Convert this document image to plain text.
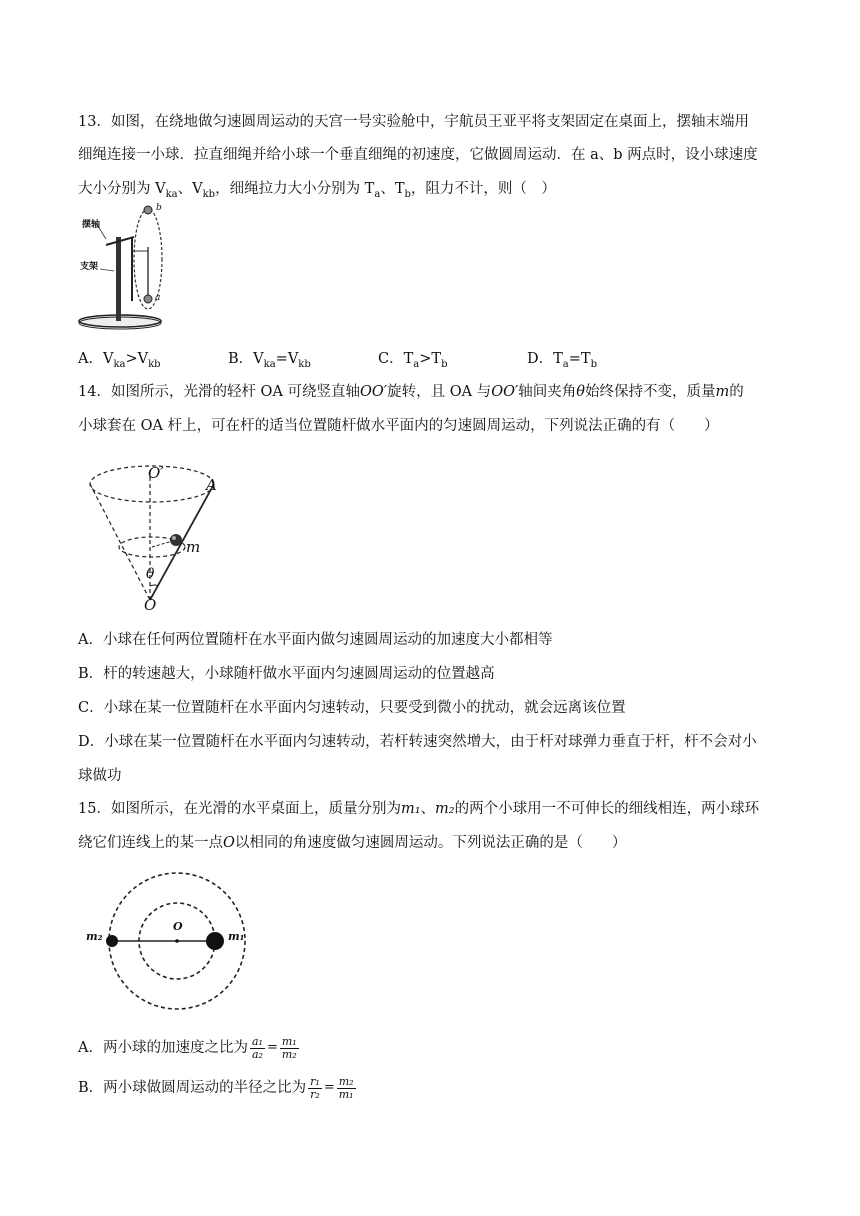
13．如图，在绕地做匀速圆周运动的天宫一号实验舱中，宇航员王亚平将支架固定在桌面上，摆轴末端用
细绳连接一小球．拉直细绳并给小球一个垂直细绳的初速度，它做圆周运动．在 a、b 两点时，设小球速度
大小分别为 $V_{ka}$、$V_{kb}$，细绳拉力大小分别为 $T_a$、$T_b$，阻力不计，则（　）
摆轴
支架
b
a
A．$V_{ka}>V_{kb}$	B．$V_{ka}=V_{kb}$	C．$T_a>T_b$	D．$T_a=T_b$
14．如图所示，光滑的轻杆 OA 可绕竖直轴OO′旋转，且 OA 与OO′轴间夹角θ始终保持不变，质量m的
小球套在 OA 杆上，可在杆的适当位置随杆做水平面内的匀速圆周运动，下列说法正确的有（　　）
O′
A
m
θ
O
A．小球在任何两位置随杆在水平面内做匀速圆周运动的加速度大小都相等
B．杆的转速越大，小球随杆做水平面内匀速圆周运动的位置越高
C．小球在某一位置随杆在水平面内匀速转动，只要受到微小的扰动，就会远离该位置
D．小球在某一位置随杆在水平面内匀速转动，若杆转速突然增大，由于杆对球弹力垂直于杆，杆不会对小
球做功
15．如图所示，在光滑的水平桌面上，质量分别为m₁、m₂的两个小球用一不可伸长的细线相连，两小球环
绕它们连线上的某一点O以相同的角速度做匀速圆周运动。下列说法正确的是（　　）
m₂
O
m₁
A．两小球的加速度之比为 $\frac{\text{a₁}}{\text{a₂}} = \frac{\text{m₁}}{\text{m₂}}$
B．两小球做圆周运动的半径之比为 $\frac{\text{r₁}}{\text{r₂}} = \frac{\text{m₂}}{\text{m₁}}$
